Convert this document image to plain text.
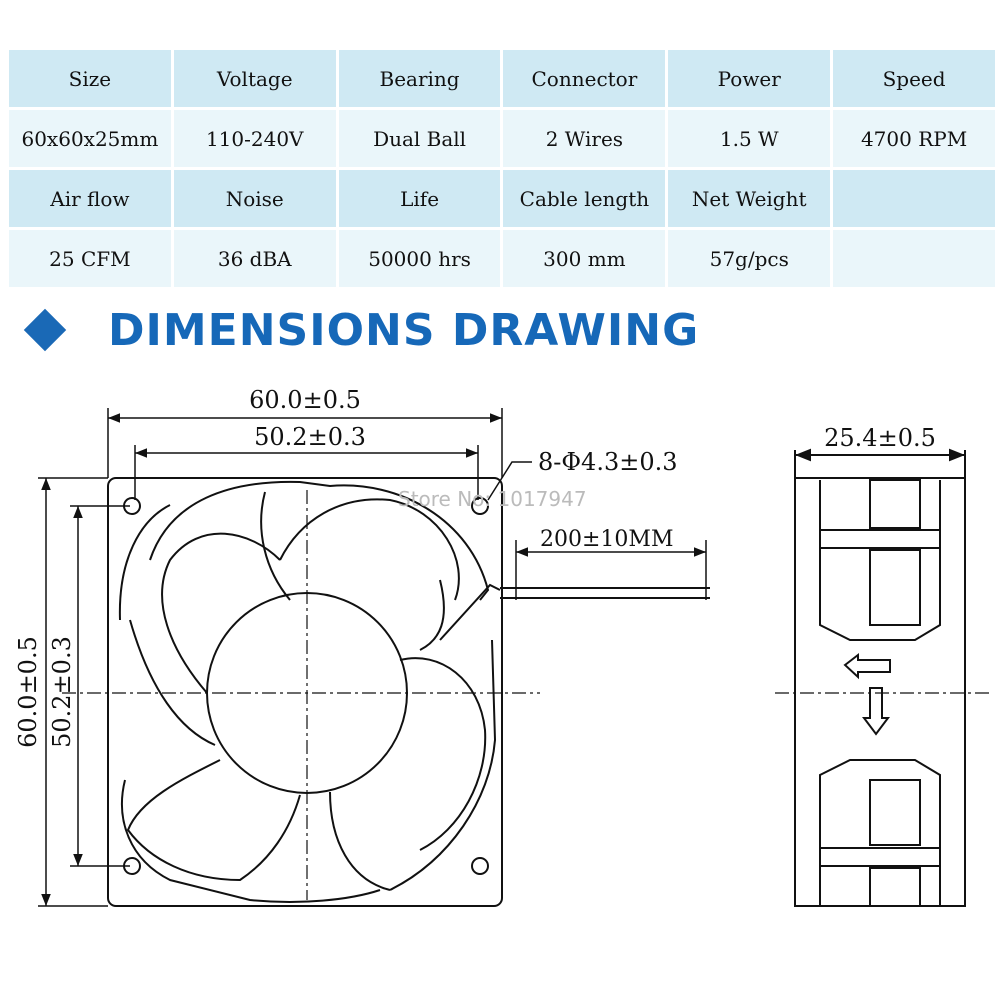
Size	Voltage	Bearing	Connector	Power	Speed
60x60x25mm	110-240V	Dual Ball	2 Wires	1.5 W	4700 RPM
Air flow	Noise	Life	Cable length	Net Weight	
25 CFM	36 dBA	50000 hrs	300 mm	57g/pcs	
DIMENSIONS DRAWING
60.0±0.5
50.2±0.3
8-Φ4.3±0.3
200±10MM
25.4±0.5
60.0±0.5 50.2±0.3
Store No: 1017947
